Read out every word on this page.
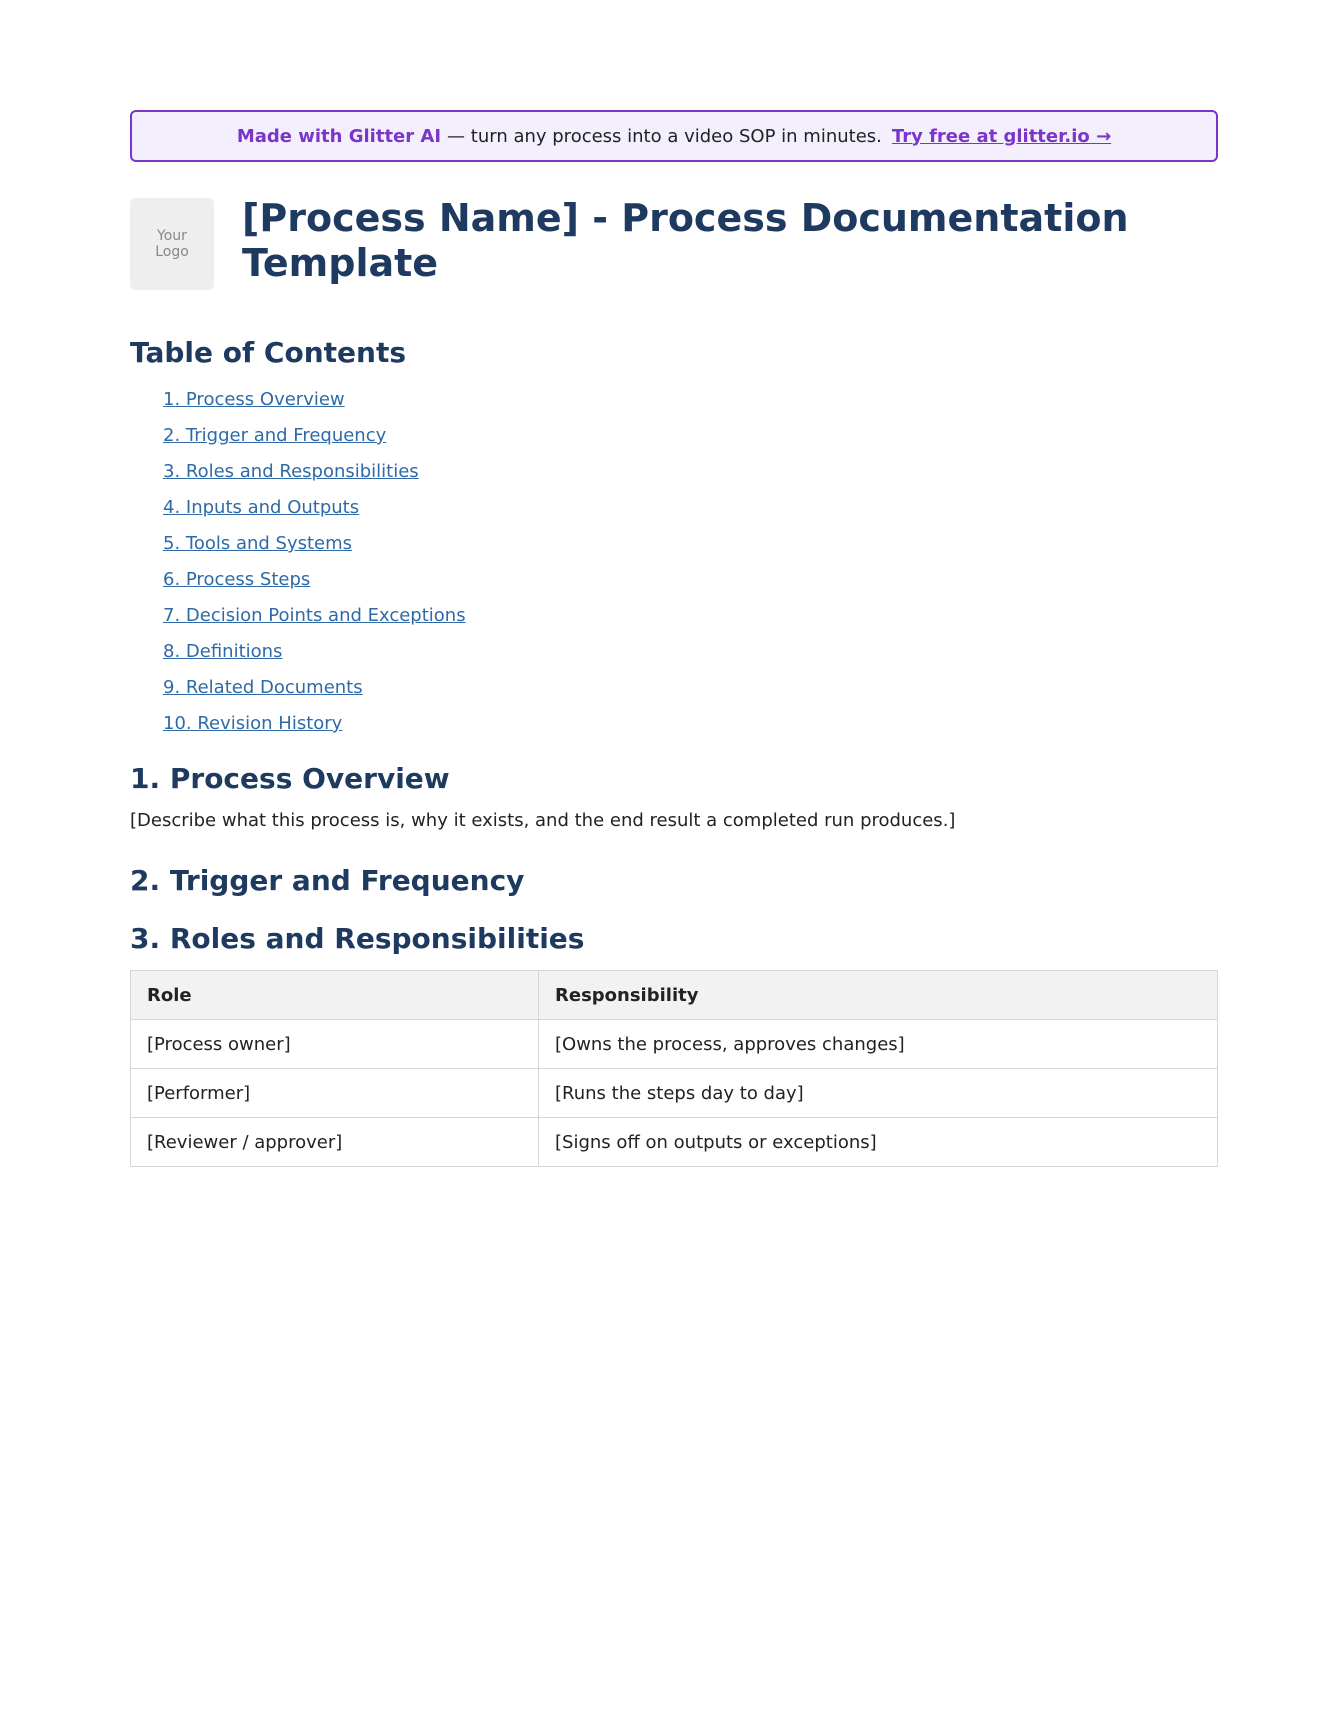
Made with Glitter AI — turn any process into a video SOP in minutes. Try free at glitter.io →
Your
Logo
[Process Name] - Process Documentation Template
Table of Contents
1. Process Overview
2. Trigger and Frequency
3. Roles and Responsibilities
4. Inputs and Outputs
5. Tools and Systems
6. Process Steps
7. Decision Points and Exceptions
8. Definitions
9. Related Documents
10. Revision History
1. Process Overview

[Describe what this process is, why it exists, and the end result a completed run produces.]

2. Trigger and Frequency
3. Roles and Responsibilities
Role	Responsibility
[Process owner]	[Owns the process, approves changes]
[Performer]	[Runs the steps day to day]
[Reviewer / approver]	[Signs off on outputs or exceptions]
